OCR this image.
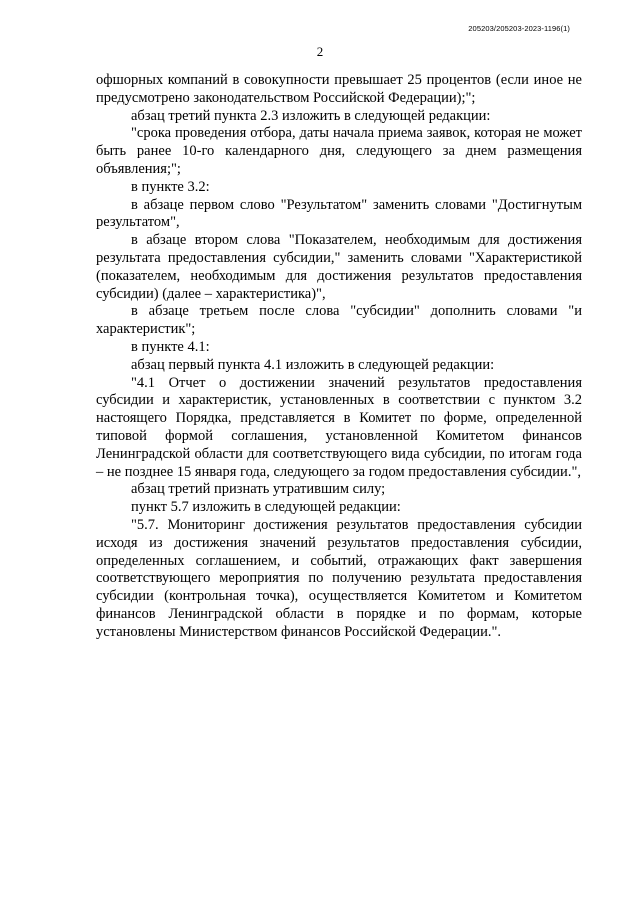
205203/205203-2023-1196(1)
2

офшорных компаний в совокупности превышает 25 процентов (если иное не предусмотрено законодательством Российской Федерации);";

абзац третий пункта 2.3 изложить в следующей редакции:

"срока проведения отбора, даты начала приема заявок, которая не может быть ранее 10-го календарного дня, следующего за днем размещения объявления;";

в пункте 3.2:

в абзаце первом слово "Результатом" заменить словами "Достигнутым результатом",

в абзаце втором слова "Показателем, необходимым для достижения результата предоставления субсидии," заменить словами "Характеристикой (показателем, необходимым для достижения результатов предоставления субсидии) (далее – характеристика)",

в абзаце третьем после слова "субсидии" дополнить словами "и характеристик";

в пункте 4.1:

абзац первый пункта 4.1 изложить в следующей редакции:

"4.1 Отчет о достижении значений результатов предоставления субсидии и характеристик, установленных в соответствии с пунктом 3.2 настоящего Порядка, представляется в Комитет по форме, определенной типовой формой соглашения, установленной Комитетом финансов Ленинградской области для соответствующего вида субсидии, по итогам года – не позднее 15 января года, следующего за годом предоставления субсидии.",

абзац третий признать утратившим силу;

пункт 5.7 изложить в следующей редакции:

"5.7. Мониторинг достижения результатов предоставления субсидии исходя из достижения значений результатов предоставления субсидии, определенных соглашением, и событий, отражающих факт завершения соответствующего мероприятия по получению результата предоставления субсидии (контрольная точка), осуществляется Комитетом и Комитетом финансов Ленинградской области в порядке и по формам, которые установлены Министерством финансов Российской Федерации.".
